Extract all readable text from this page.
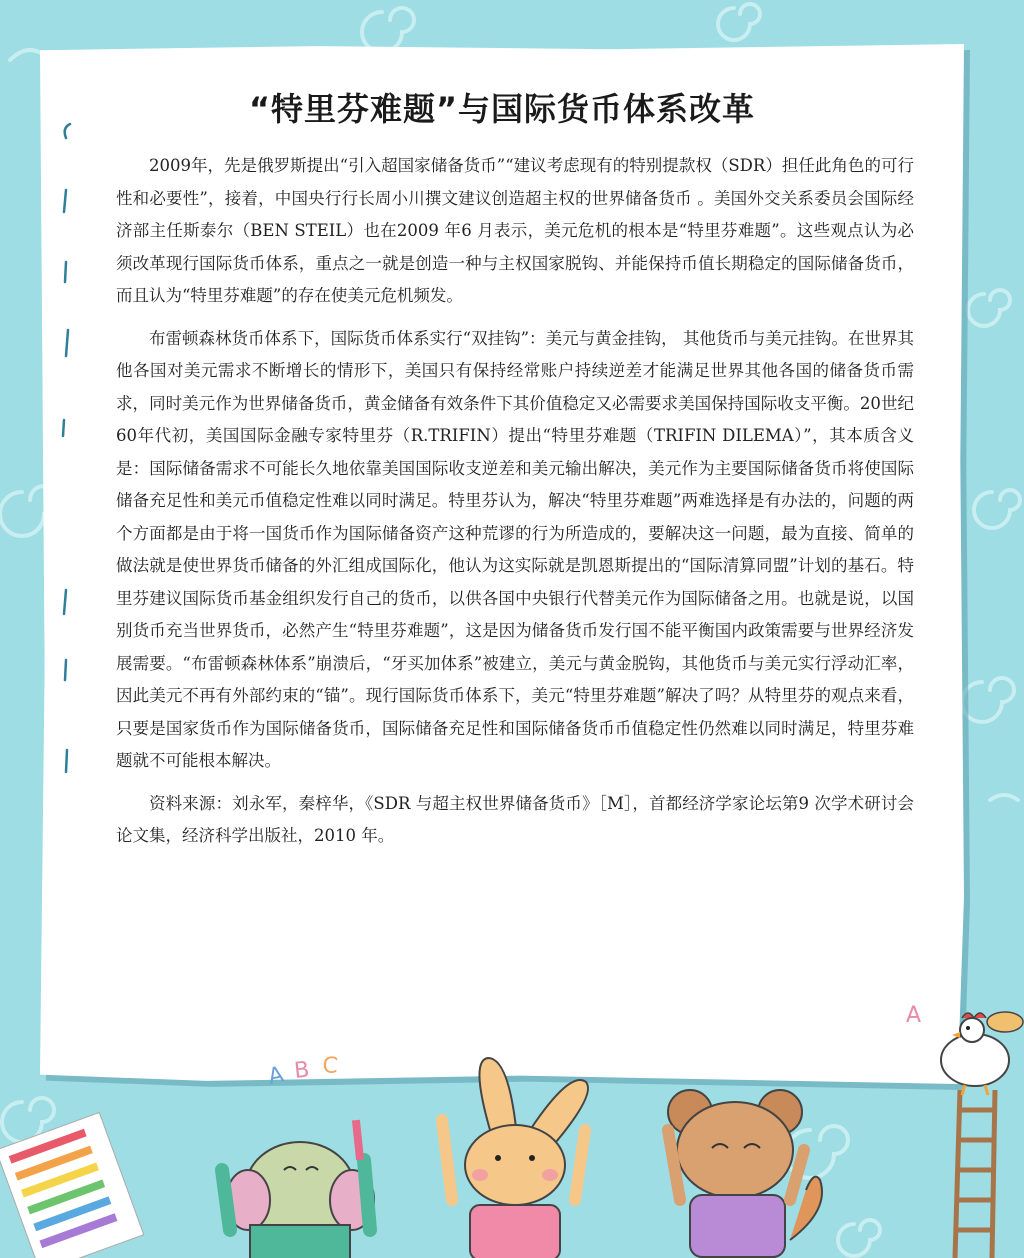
“特里芬难题”与国际货币体系改革

2009年，先是俄罗斯提出“引入超国家储备货币”“建议考虑现有的特别提款权（SDR）担任此角色的可行性和必要性”，接着，中国央行行长周小川撰文建议创造超主权的世界储备货币 。美国外交关系委员会国际经济部主任斯泰尔（BEN STEIL）也在2009 年6 月表示，美元危机的根本是“特里芬难题”。这些观点认为必须改革现行国际货币体系，重点之一就是创造一种与主权国家脱钩、并能保持币值长期稳定的国际储备货币，而且认为“特里芬难题”的存在使美元危机频发。

布雷顿森林货币体系下，国际货币体系实行“双挂钩”：美元与黄金挂钩， 其他货币与美元挂钩。在世界其他各国对美元需求不断增长的情形下，美国只有保持经常账户持续逆差才能满足世界其他各国的储备货币需求，同时美元作为世界储备货币，黄金储备有效条件下其价值稳定又必需要求美国保持国际收支平衡。20世纪60年代初，美国国际金融专家特里芬（R.TRIFIN）提出“特里芬难题（TRIFIN DILEMA）”，其本质含义是：国际储备需求不可能长久地依靠美国国际收支逆差和美元输出解决，美元作为主要国际储备货币将使国际储备充足性和美元币值稳定性难以同时满足。特里芬认为，解决“特里芬难题”两难选择是有办法的，问题的两个方面都是由于将一国货币作为国际储备资产这种荒谬的行为所造成的，要解决这一问题，最为直接、简单的做法就是使世界货币储备的外汇组成国际化，他认为这实际就是凯恩斯提出的“国际清算同盟”计划的基石。特里芬建议国际货币基金组织发行自己的货币，以供各国中央银行代替美元作为国际储备之用。也就是说，以国别货币充当世界货币，必然产生“特里芬难题”，这是因为储备货币发行国不能平衡国内政策需要与世界经济发展需要。“布雷顿森林体系”崩溃后，“牙买加体系”被建立，美元与黄金脱钩，其他货币与美元实行浮动汇率，因此美元不再有外部约束的“锚”。现行国际货币体系下，美元“特里芬难题”解决了吗？从特里芬的观点来看，只要是国家货币作为国际储备货币，国际储备充足性和国际储备货币币值稳定性仍然难以同时满足，特里芬难题就不可能根本解决。

资料来源：刘永军，秦梓华，《SDR 与超主权世界储备货币》［M］，首都经济学家论坛第9 次学术研讨会论文集，经济科学出版社，2010 年。

A B C
A
